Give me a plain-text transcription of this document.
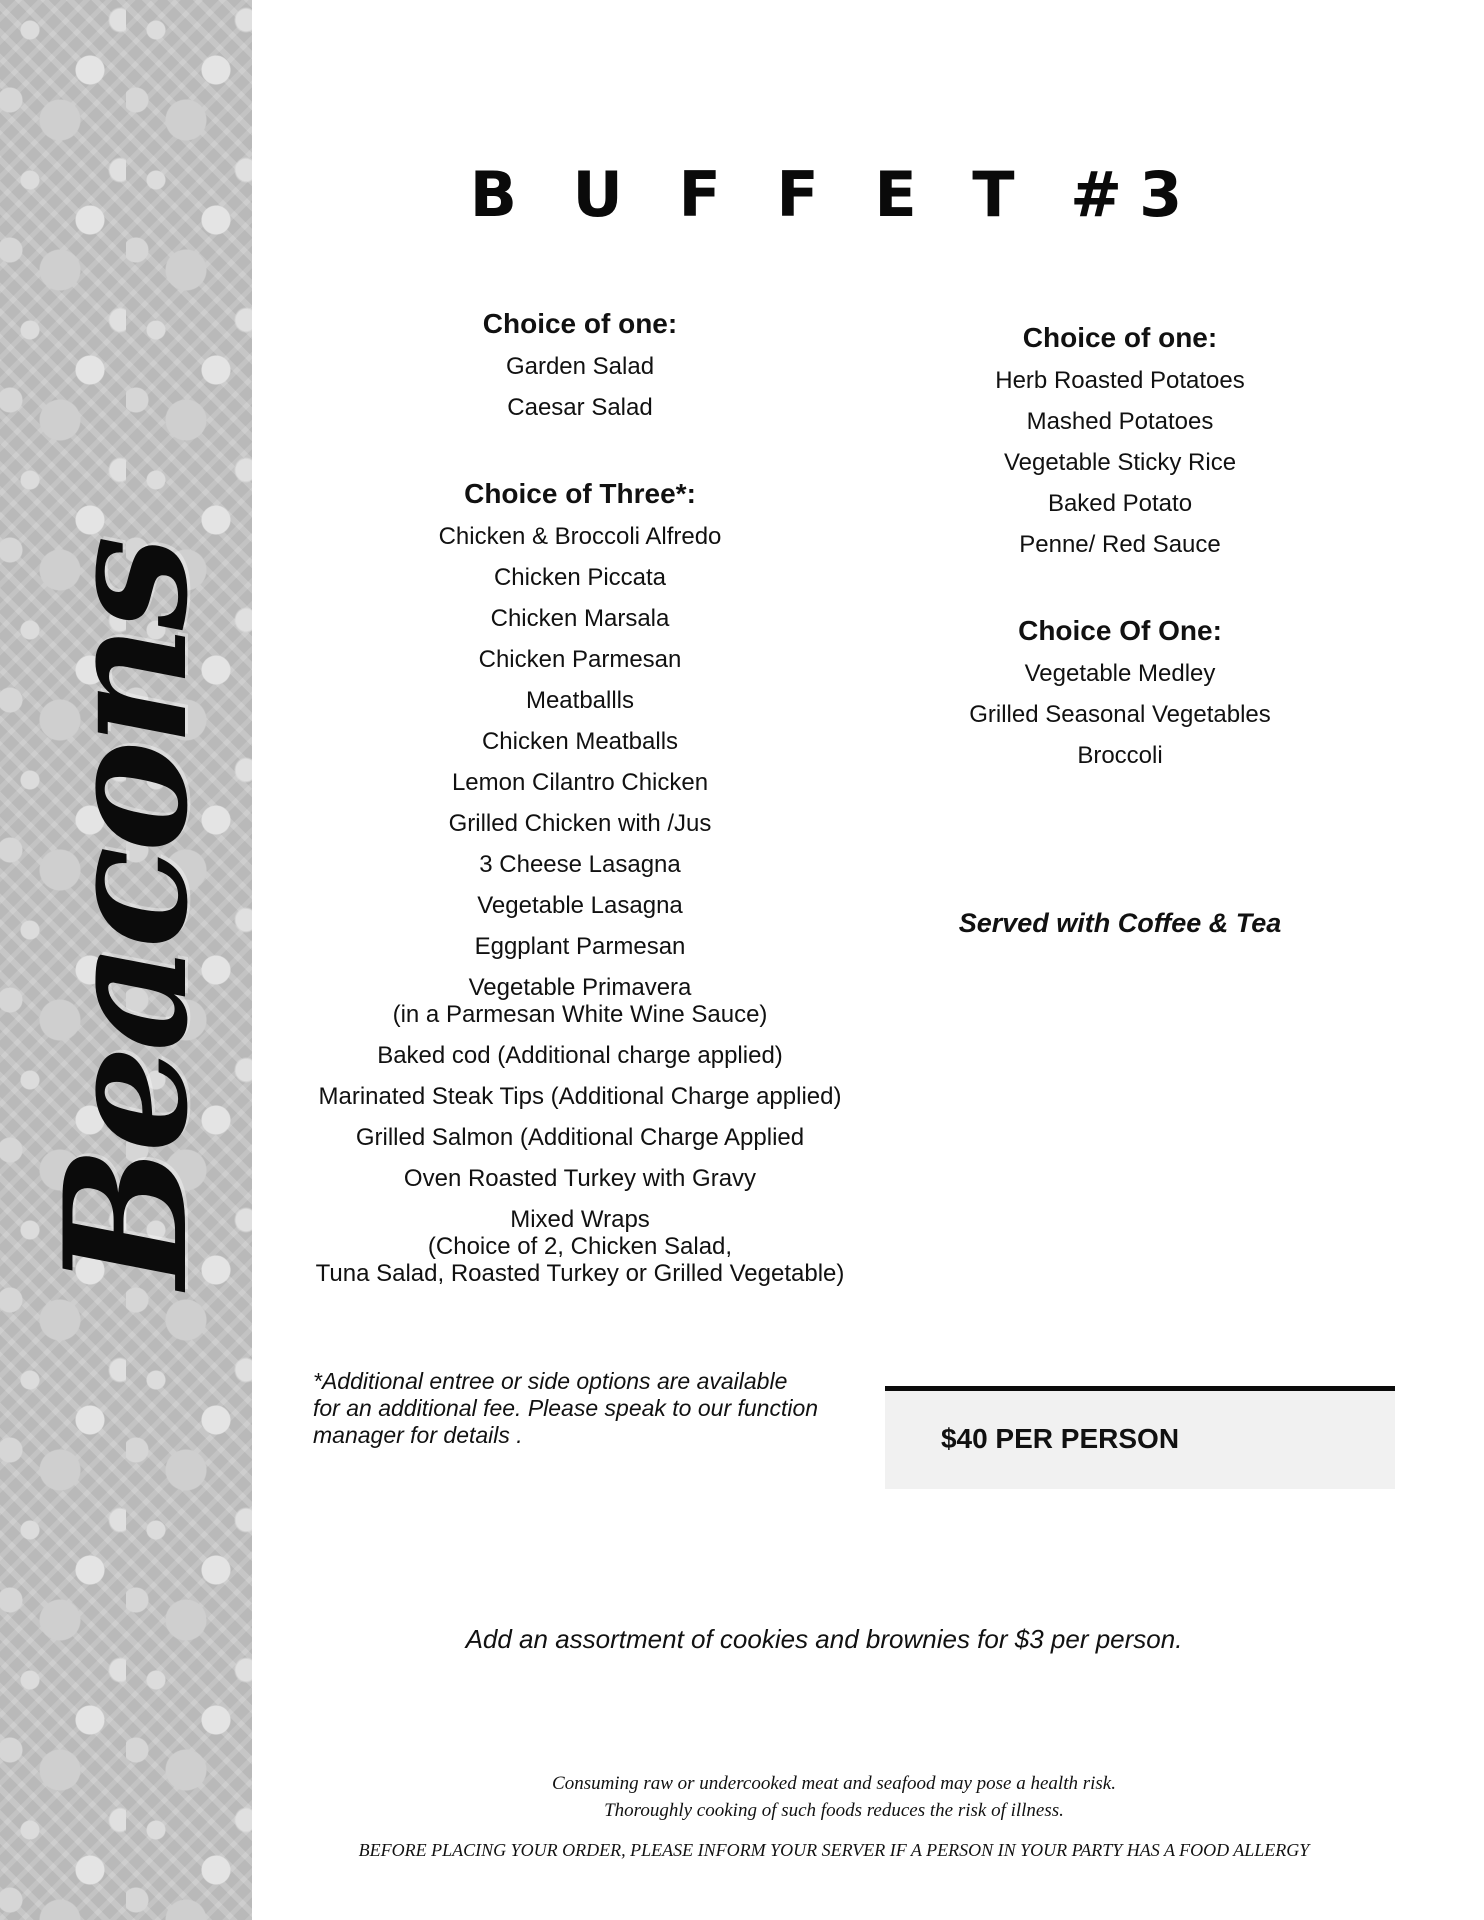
Beacons
B U F F E T #3
Choice of one:
Garden Salad
Caesar Salad
Choice of Three*:
Chicken & Broccoli Alfredo
Chicken Piccata
Chicken Marsala
Chicken Parmesan
Meatballls
Chicken Meatballs
Lemon Cilantro Chicken
Grilled Chicken with /Jus
3 Cheese Lasagna
Vegetable Lasagna
Eggplant Parmesan
Vegetable Primavera
(in a Parmesan White Wine Sauce)
Baked cod (Additional charge applied)
Marinated Steak Tips (Additional Charge applied)
Grilled Salmon (Additional Charge Applied
Oven Roasted Turkey with Gravy
Mixed Wraps
(Choice of 2, Chicken Salad,
Tuna Salad, Roasted Turkey or Grilled Vegetable)
Choice of one:
Herb Roasted Potatoes
Mashed Potatoes
Vegetable Sticky Rice
Baked Potato
Penne/ Red Sauce
Choice Of One:
Vegetable Medley
Grilled Seasonal Vegetables
Broccoli
Served with Coffee & Tea
*Additional entree or side options are available
for an additional fee. Please speak to our function
manager for details .	$40 PER PERSON
Add an assortment of cookies and brownies for $3 per person.
Consuming raw or undercooked meat and seafood may pose a health risk.
Thoroughly cooking of such foods reduces the risk of illness.
BEFORE PLACING YOUR ORDER, PLEASE INFORM YOUR SERVER IF A PERSON IN YOUR PARTY HAS A FOOD ALLERGY
